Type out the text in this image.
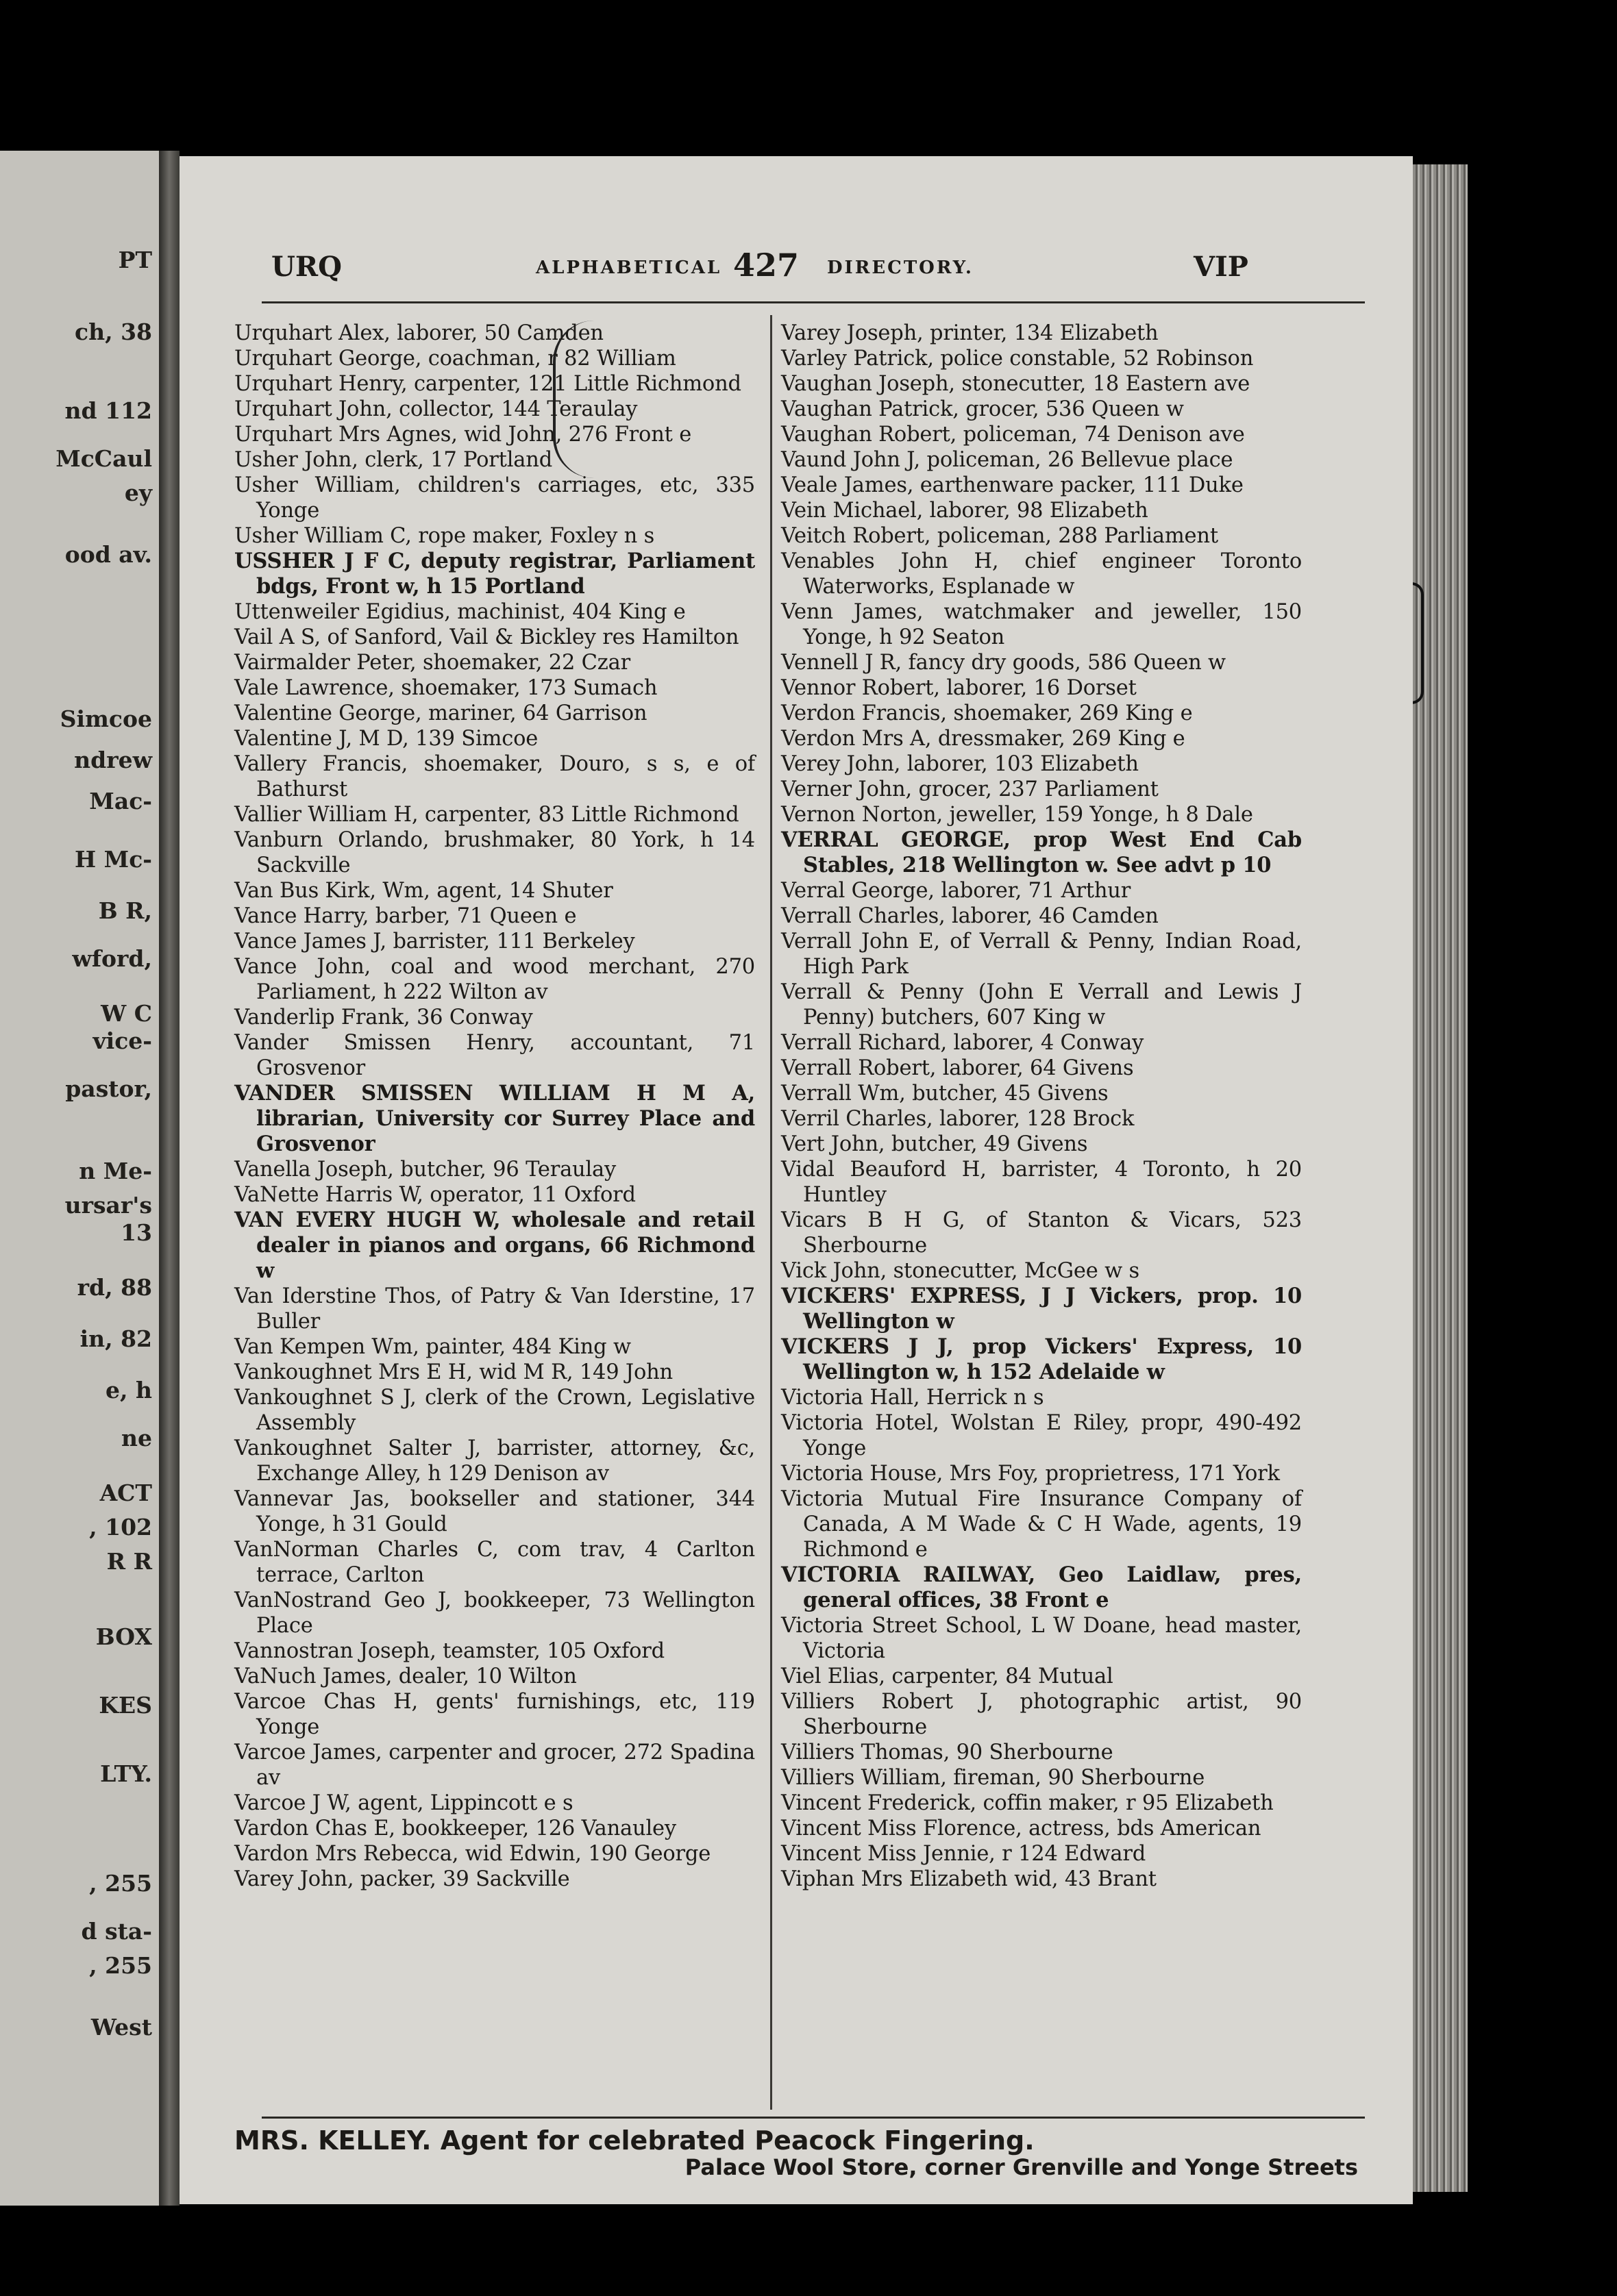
PT
ch, 38
nd 112
McCaul
ey
ood av.
Simcoe
ndrew
Mac-
H Mc-
B R,
wford,
W C
vice-
pastor,
n Me-
ursar's
13
rd, 88
in, 82
e, h
ne
ACT
, 102
R R
BOX
KES
LTY.
, 255
d sta-
, 255
West
URQ	ALPHABETICAL 427 DIRECTORY.	VIP
Urquhart Alex, laborer, 50 Camden
Urquhart George, coachman, r 82 William
Urquhart Henry, carpenter, 121 Little Richmond
Urquhart John, collector, 144 Teraulay
Urquhart Mrs Agnes, wid John, 276 Front e
Usher John, clerk, 17 Portland
Usher William, children's carriages, etc, 335 Yonge
Usher William C, rope maker, Foxley n s
USSHER J F C, deputy registrar, Parliament bdgs, Front w, h 15 Portland
Uttenweiler Egidius, machinist, 404 King e
Vail A S, of Sanford, Vail & Bickley res Hamilton
Vairmalder Peter, shoemaker, 22 Czar
Vale Lawrence, shoemaker, 173 Sumach
Valentine George, mariner, 64 Garrison
Valentine J, M D, 139 Simcoe
Vallery Francis, shoemaker, Douro, s s, e of Bathurst
Vallier William H, carpenter, 83 Little Richmond
Vanburn Orlando, brushmaker, 80 York, h 14 Sackville
Van Bus Kirk, Wm, agent, 14 Shuter
Vance Harry, barber, 71 Queen e
Vance James J, barrister, 111 Berkeley
Vance John, coal and wood merchant, 270 Parliament, h 222 Wilton av
Vanderlip Frank, 36 Conway
Vander Smissen Henry, accountant, 71 Grosvenor
VANDER SMISSEN WILLIAM H M A, librarian, University cor Surrey Place and Grosvenor
Vanella Joseph, butcher, 96 Teraulay
VaNette Harris W, operator, 11 Oxford
VAN EVERY HUGH W, wholesale and retail dealer in pianos and organs, 66 Richmond w
Van Iderstine Thos, of Patry & Van Iderstine, 17 Buller
Van Kempen Wm, painter, 484 King w
Vankoughnet Mrs E H, wid M R, 149 John
Vankoughnet S J, clerk of the Crown, Legislative Assembly
Vankoughnet Salter J, barrister, attorney, &c, Exchange Alley, h 129 Denison av
Vannevar Jas, bookseller and stationer, 344 Yonge, h 31 Gould
VanNorman Charles C, com trav, 4 Carlton terrace, Carlton
VanNostrand Geo J, bookkeeper, 73 Wellington Place
Vannostran Joseph, teamster, 105 Oxford
VaNuch James, dealer, 10 Wilton
Varcoe Chas H, gents' furnishings, etc, 119 Yonge
Varcoe James, carpenter and grocer, 272 Spadina av
Varcoe J W, agent, Lippincott e s
Vardon Chas E, bookkeeper, 126 Vanauley
Vardon Mrs Rebecca, wid Edwin, 190 George
Varey John, packer, 39 Sackville
Varey Joseph, printer, 134 Elizabeth
Varley Patrick, police constable, 52 Robinson
Vaughan Joseph, stonecutter, 18 Eastern ave
Vaughan Patrick, grocer, 536 Queen w
Vaughan Robert, policeman, 74 Denison ave
Vaund John J, policeman, 26 Bellevue place
Veale James, earthenware packer, 111 Duke
Vein Michael, laborer, 98 Elizabeth
Veitch Robert, policeman, 288 Parliament
Venables John H, chief engineer Toronto Waterworks, Esplanade w
Venn James, watchmaker and jeweller, 150 Yonge, h 92 Seaton
Vennell J R, fancy dry goods, 586 Queen w
Vennor Robert, laborer, 16 Dorset
Verdon Francis, shoemaker, 269 King e
Verdon Mrs A, dressmaker, 269 King e
Verey John, laborer, 103 Elizabeth
Verner John, grocer, 237 Parliament
Vernon Norton, jeweller, 159 Yonge, h 8 Dale
VERRAL GEORGE, prop West End Cab Stables, 218 Wellington w. See advt p 10
Verral George, laborer, 71 Arthur
Verrall Charles, laborer, 46 Camden
Verrall John E, of Verrall & Penny, Indian Road, High Park
Verrall & Penny (John E Verrall and Lewis J Penny) butchers, 607 King w
Verrall Richard, laborer, 4 Conway
Verrall Robert, laborer, 64 Givens
Verrall Wm, butcher, 45 Givens
Verril Charles, laborer, 128 Brock
Vert John, butcher, 49 Givens
Vidal Beauford H, barrister, 4 Toronto, h 20 Huntley
Vicars B H G, of Stanton & Vicars, 523 Sherbourne
Vick John, stonecutter, McGee w s
VICKERS' EXPRESS, J J Vickers, prop. 10 Wellington w
VICKERS J J, prop Vickers' Express, 10 Wellington w, h 152 Adelaide w
Victoria Hall, Herrick n s
Victoria Hotel, Wolstan E Riley, propr, 490-492 Yonge
Victoria House, Mrs Foy, proprietress, 171 York
Victoria Mutual Fire Insurance Company of Canada, A M Wade & C H Wade, agents, 19 Richmond e
VICTORIA RAILWAY, Geo Laidlaw, pres, general offices, 38 Front e
Victoria Street School, L W Doane, head master, Victoria
Viel Elias, carpenter, 84 Mutual
Villiers Robert J, photographic artist, 90 Sherbourne
Villiers Thomas, 90 Sherbourne
Villiers William, fireman, 90 Sherbourne
Vincent Frederick, coffin maker, r 95 Elizabeth
Vincent Miss Florence, actress, bds American
Vincent Miss Jennie, r 124 Edward
Viphan Mrs Elizabeth wid, 43 Brant
MRS. KELLEY. Agent for celebrated Peacock Fingering.
Palace Wool Store, corner Grenville and Yonge Streets
